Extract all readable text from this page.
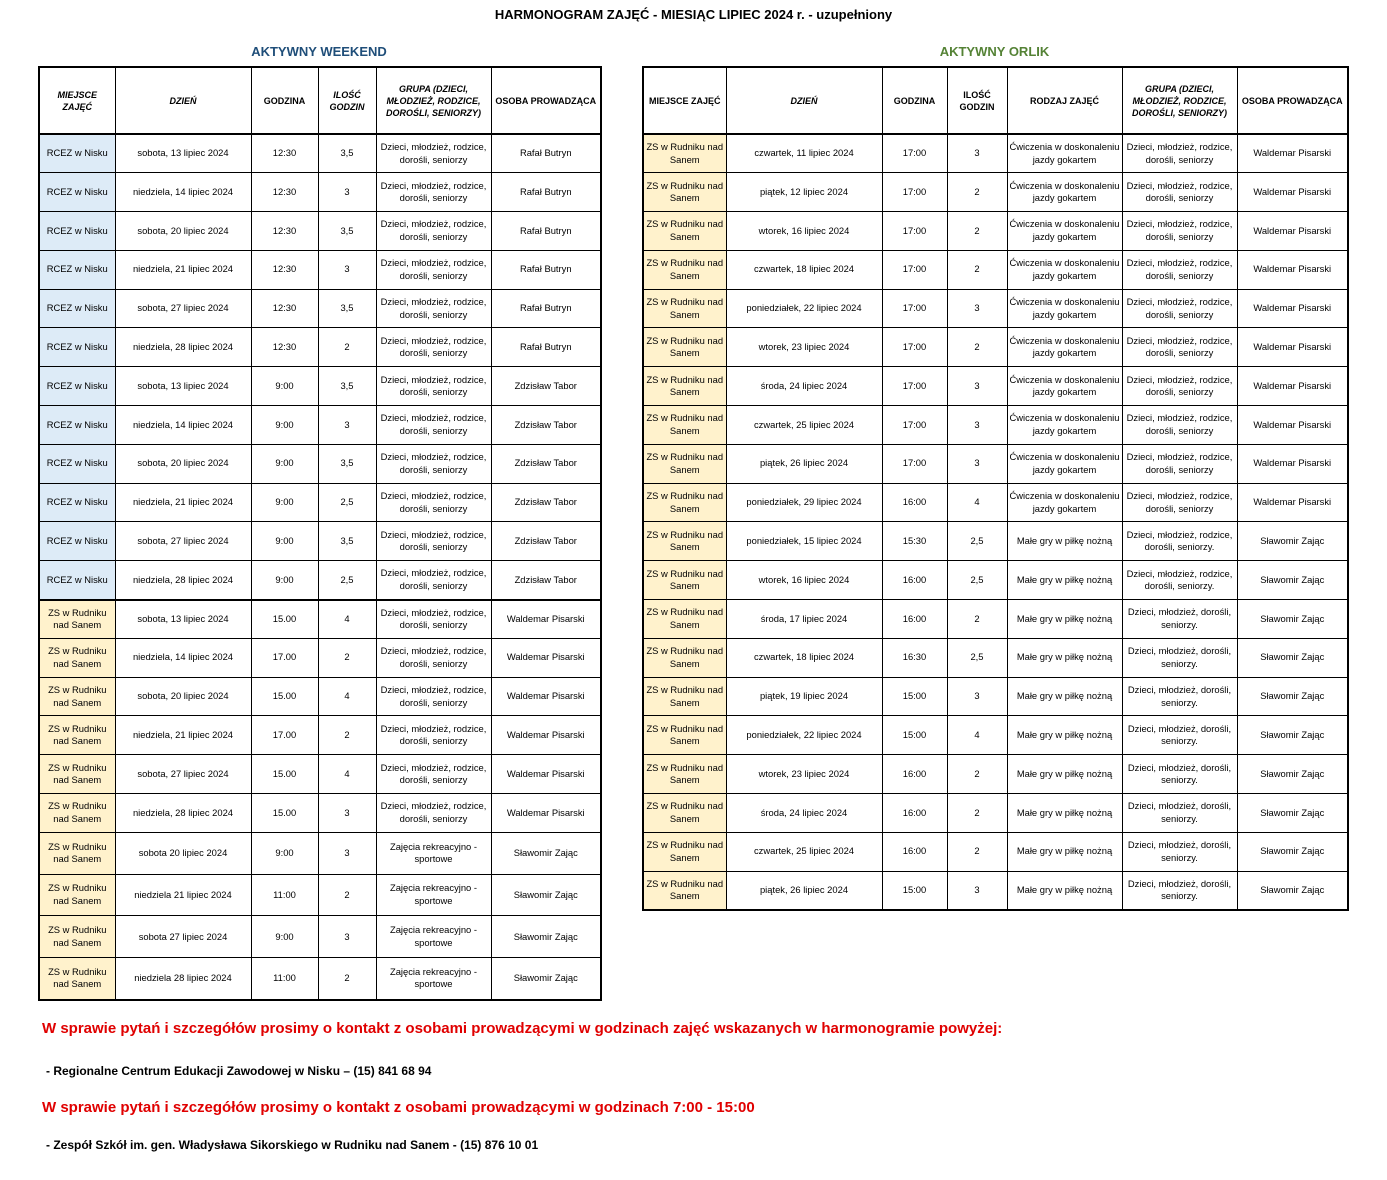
HARMONOGRAM ZAJĘĆ - MIESIĄC LIPIEC 2024 r. - uzupełniony
AKTYWNY WEEKEND	AKTYWNY ORLIK
MIEJSCE ZAJĘĆ	DZIEŃ	GODZINA	ILOŚĆ GODZIN	GRUPA (DZIECI, MŁODZIEŻ, RODZICE, DOROŚLI, SENIORZY)	OSOBA PROWADZĄCA
RCEZ w Nisku	sobota, 13 lipiec 2024	12:30	3,5	Dzieci, młodzież, rodzice, dorośli, seniorzy	Rafał Butryn
RCEZ w Nisku	niedziela, 14 lipiec 2024	12:30	3	Dzieci, młodzież, rodzice, dorośli, seniorzy	Rafał Butryn
RCEZ w Nisku	sobota, 20 lipiec 2024	12:30	3,5	Dzieci, młodzież, rodzice, dorośli, seniorzy	Rafał Butryn
RCEZ w Nisku	niedziela, 21 lipiec 2024	12:30	3	Dzieci, młodzież, rodzice, dorośli, seniorzy	Rafał Butryn
RCEZ w Nisku	sobota, 27 lipiec 2024	12:30	3,5	Dzieci, młodzież, rodzice, dorośli, seniorzy	Rafał Butryn
RCEZ w Nisku	niedziela, 28 lipiec 2024	12:30	2	Dzieci, młodzież, rodzice, dorośli, seniorzy	Rafał Butryn
RCEZ w Nisku	sobota, 13 lipiec 2024	9:00	3,5	Dzieci, młodzież, rodzice, dorośli, seniorzy	Zdzisław Tabor
RCEZ w Nisku	niedziela, 14 lipiec 2024	9:00	3	Dzieci, młodzież, rodzice, dorośli, seniorzy	Zdzisław Tabor
RCEZ w Nisku	sobota, 20 lipiec 2024	9:00	3,5	Dzieci, młodzież, rodzice, dorośli, seniorzy	Zdzisław Tabor
RCEZ w Nisku	niedziela, 21 lipiec 2024	9:00	2,5	Dzieci, młodzież, rodzice, dorośli, seniorzy	Zdzisław Tabor
RCEZ w Nisku	sobota, 27 lipiec 2024	9:00	3,5	Dzieci, młodzież, rodzice, dorośli, seniorzy	Zdzisław Tabor
RCEZ w Nisku	niedziela, 28 lipiec 2024	9:00	2,5	Dzieci, młodzież, rodzice, dorośli, seniorzy	Zdzisław Tabor
ZS w Rudniku nad Sanem	sobota, 13 lipiec 2024	15.00	4	Dzieci, młodzież, rodzice, dorośli, seniorzy	Waldemar Pisarski
ZS w Rudniku nad Sanem	niedziela, 14 lipiec 2024	17.00	2	Dzieci, młodzież, rodzice, dorośli, seniorzy	Waldemar Pisarski
ZS w Rudniku nad Sanem	sobota, 20 lipiec 2024	15.00	4	Dzieci, młodzież, rodzice, dorośli, seniorzy	Waldemar Pisarski
ZS w Rudniku nad Sanem	niedziela, 21 lipiec 2024	17.00	2	Dzieci, młodzież, rodzice, dorośli, seniorzy	Waldemar Pisarski
ZS w Rudniku nad Sanem	sobota, 27 lipiec 2024	15.00	4	Dzieci, młodzież, rodzice, dorośli, seniorzy	Waldemar Pisarski
ZS w Rudniku nad Sanem	niedziela, 28 lipiec 2024	15.00	3	Dzieci, młodzież, rodzice, dorośli, seniorzy	Waldemar Pisarski
ZS w Rudniku nad Sanem	sobota 20 lipiec 2024	9:00	3	Zajęcia rekreacyjno - sportowe	Sławomir Zając
ZS w Rudniku nad Sanem	niedziela 21 lipiec 2024	11:00	2	Zajęcia rekreacyjno - sportowe	Sławomir Zając
ZS w Rudniku nad Sanem	sobota 27 lipiec 2024	9:00	3	Zajęcia rekreacyjno - sportowe	Sławomir Zając
ZS w Rudniku nad Sanem	niedziela 28 lipiec 2024	11:00	2	Zajęcia rekreacyjno - sportowe	Sławomir Zając
MIEJSCE ZAJĘĆ	DZIEŃ	GODZINA	ILOŚĆ GODZIN	RODZAJ ZAJĘĆ	GRUPA (DZIECI, MŁODZIEŻ, RODZICE, DOROŚLI, SENIORZY)	OSOBA PROWADZĄCA
ZS w Rudniku nad Sanem	czwartek, 11 lipiec 2024	17:00	3	Ćwiczenia w doskonaleniu jazdy gokartem	Dzieci, młodzież, rodzice, dorośli, seniorzy	Waldemar Pisarski
ZS w Rudniku nad Sanem	piątek, 12 lipiec 2024	17:00	2	Ćwiczenia w doskonaleniu jazdy gokartem	Dzieci, młodzież, rodzice, dorośli, seniorzy	Waldemar Pisarski
ZS w Rudniku nad Sanem	wtorek, 16 lipiec 2024	17:00	2	Ćwiczenia w doskonaleniu jazdy gokartem	Dzieci, młodzież, rodzice, dorośli, seniorzy	Waldemar Pisarski
ZS w Rudniku nad Sanem	czwartek, 18 lipiec 2024	17:00	2	Ćwiczenia w doskonaleniu jazdy gokartem	Dzieci, młodzież, rodzice, dorośli, seniorzy	Waldemar Pisarski
ZS w Rudniku nad Sanem	poniedziałek, 22 lipiec 2024	17:00	3	Ćwiczenia w doskonaleniu jazdy gokartem	Dzieci, młodzież, rodzice, dorośli, seniorzy	Waldemar Pisarski
ZS w Rudniku nad Sanem	wtorek, 23 lipiec 2024	17:00	2	Ćwiczenia w doskonaleniu jazdy gokartem	Dzieci, młodzież, rodzice, dorośli, seniorzy	Waldemar Pisarski
ZS w Rudniku nad Sanem	środa, 24 lipiec 2024	17:00	3	Ćwiczenia w doskonaleniu jazdy gokartem	Dzieci, młodzież, rodzice, dorośli, seniorzy	Waldemar Pisarski
ZS w Rudniku nad Sanem	czwartek, 25 lipiec 2024	17:00	3	Ćwiczenia w doskonaleniu jazdy gokartem	Dzieci, młodzież, rodzice, dorośli, seniorzy	Waldemar Pisarski
ZS w Rudniku nad Sanem	piątek, 26 lipiec 2024	17:00	3	Ćwiczenia w doskonaleniu jazdy gokartem	Dzieci, młodzież, rodzice, dorośli, seniorzy	Waldemar Pisarski
ZS w Rudniku nad Sanem	poniedziałek, 29 lipiec 2024	16:00	4	Ćwiczenia w doskonaleniu jazdy gokartem	Dzieci, młodzież, rodzice, dorośli, seniorzy	Waldemar Pisarski
ZS w Rudniku nad Sanem	poniedziałek, 15 lipiec 2024	15:30	2,5	Małe gry w piłkę nożną	Dzieci, młodzież, rodzice, dorośli, seniorzy.	Sławomir Zając
ZS w Rudniku nad Sanem	wtorek, 16 lipiec 2024	16:00	2,5	Małe gry w piłkę nożną	Dzieci, młodzież, rodzice, dorośli, seniorzy.	Sławomir Zając
ZS w Rudniku nad Sanem	środa, 17 lipiec 2024	16:00	2	Małe gry w piłkę nożną	Dzieci, młodzież, dorośli, seniorzy.	Sławomir Zając
ZS w Rudniku nad Sanem	czwartek, 18 lipiec 2024	16:30	2,5	Małe gry w piłkę nożną	Dzieci, młodzież, dorośli, seniorzy.	Sławomir Zając
ZS w Rudniku nad Sanem	piątek, 19 lipiec 2024	15:00	3	Małe gry w piłkę nożną	Dzieci, młodzież, dorośli, seniorzy.	Sławomir Zając
ZS w Rudniku nad Sanem	poniedziałek, 22 lipiec 2024	15:00	4	Małe gry w piłkę nożną	Dzieci, młodzież, dorośli, seniorzy.	Sławomir Zając
ZS w Rudniku nad Sanem	wtorek, 23 lipiec 2024	16:00	2	Małe gry w piłkę nożną	Dzieci, młodzież, dorośli, seniorzy.	Sławomir Zając
ZS w Rudniku nad Sanem	środa, 24 lipiec 2024	16:00	2	Małe gry w piłkę nożną	Dzieci, młodzież, dorośli, seniorzy.	Sławomir Zając
ZS w Rudniku nad Sanem	czwartek, 25 lipiec 2024	16:00	2	Małe gry w piłkę nożną	Dzieci, młodzież, dorośli, seniorzy.	Sławomir Zając
ZS w Rudniku nad Sanem	piątek, 26 lipiec 2024	15:00	3	Małe gry w piłkę nożną	Dzieci, młodzież, dorośli, seniorzy.	Sławomir Zając
W sprawie pytań i szczegółów prosimy o kontakt z osobami prowadzącymi w godzinach zajęć wskazanych w harmonogramie powyżej:
- Regionalne Centrum Edukacji Zawodowej w Nisku – (15) 841 68 94
W sprawie pytań i szczegółów prosimy o kontakt z osobami prowadzącymi w godzinach 7:00 - 15:00
- Zespół Szkół im. gen. Władysława Sikorskiego w Rudniku nad Sanem - (15) 876 10 01
